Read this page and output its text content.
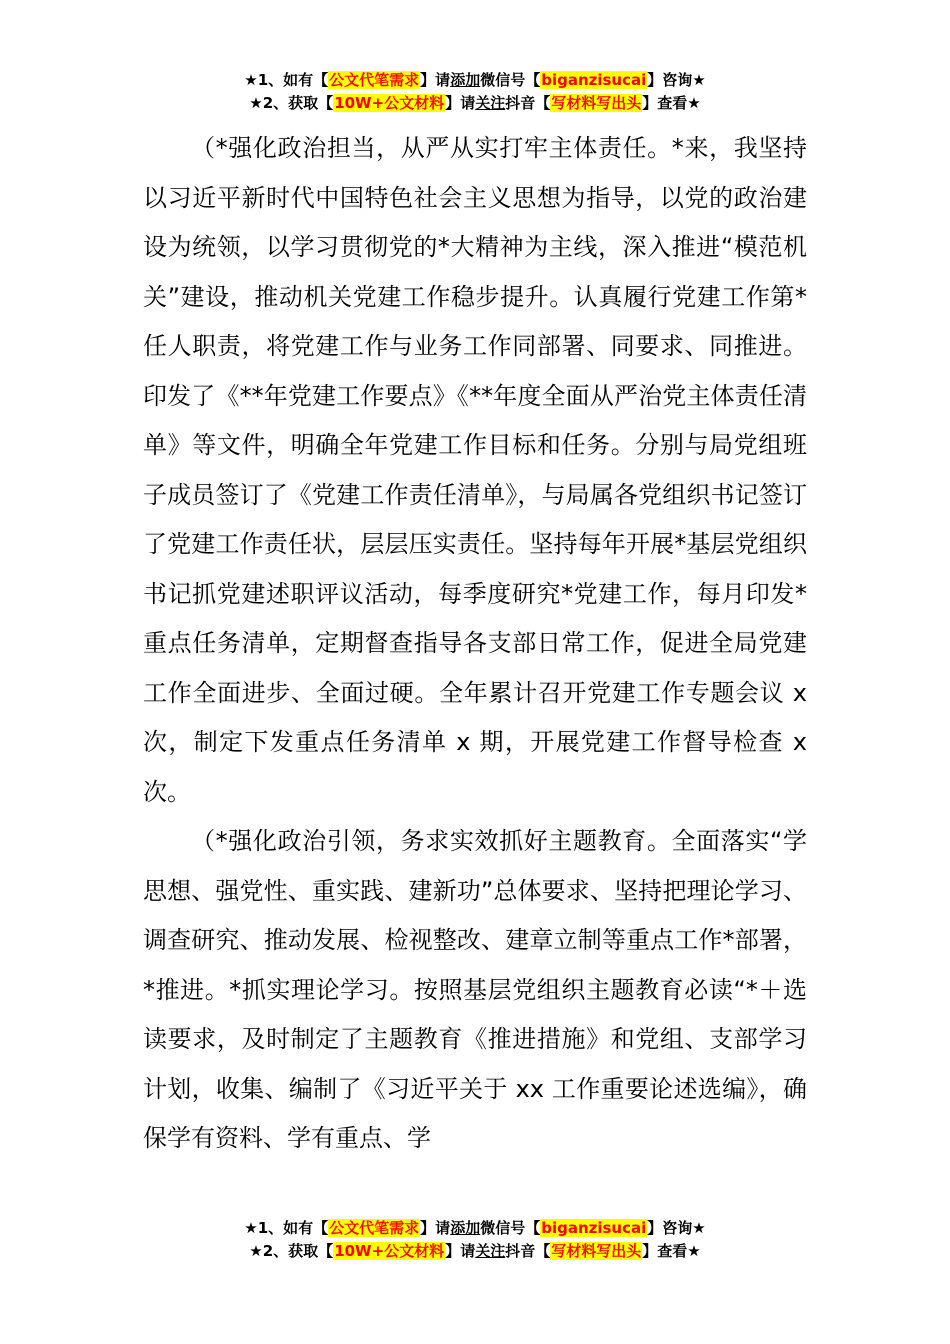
★1、如有【公文代笔需求】请添加微信号【biganzisucai】咨询★
★2、获取【10W+公文材料】请关注抖音【写材料写出头】查看★

（*强化政治担当，从严从实打牢主体责任。*来，我坚持以习近平新时代中国特色社会主义思想为指导，以党的政治建设为统领，以学习贯彻党的*大精神为主线，深入推进“模范机关”建设，推动机关党建工作稳步提升。认真履行党建工作第*任人职责，将党建工作与业务工作同部署、同要求、同推进。印发了《**年党建工作要点》《**年度全面从严治党主体责任清单》等文件，明确全年党建工作目标和任务。分别与局党组班子成员签订了《党建工作责任清单》，与局属各党组织书记签订了党建工作责任状，层层压实责任。坚持每年开展*基层党组织书记抓党建述职评议活动，每季度研究*党建工作，每月印发*重点任务清单，定期督查指导各支部日常工作，促进全局党建工作全面进步、全面过硬。全年累计召开党建工作专题会议 x 次，制定下发重点任务清单 x 期，开展党建工作督导检查 x 次。

（*强化政治引领，务求实效抓好主题教育。全面落实“学思想、强党性、重实践、建新功”总体要求、坚持把理论学习、调查研究、推动发展、检视整改、建章立制等重点工作*部署，*推进。*抓实理论学习。按照基层党组织主题教育必读“*＋选读要求，及时制定了主题教育《推进措施》和党组、支部学习计划，收集、编制了《习近平关于 xx 工作重要论述选编》，确保学有资料、学有重点、学

★1、如有【公文代笔需求】请添加微信号【biganzisucai】咨询★
★2、获取【10W+公文材料】请关注抖音【写材料写出头】查看★
